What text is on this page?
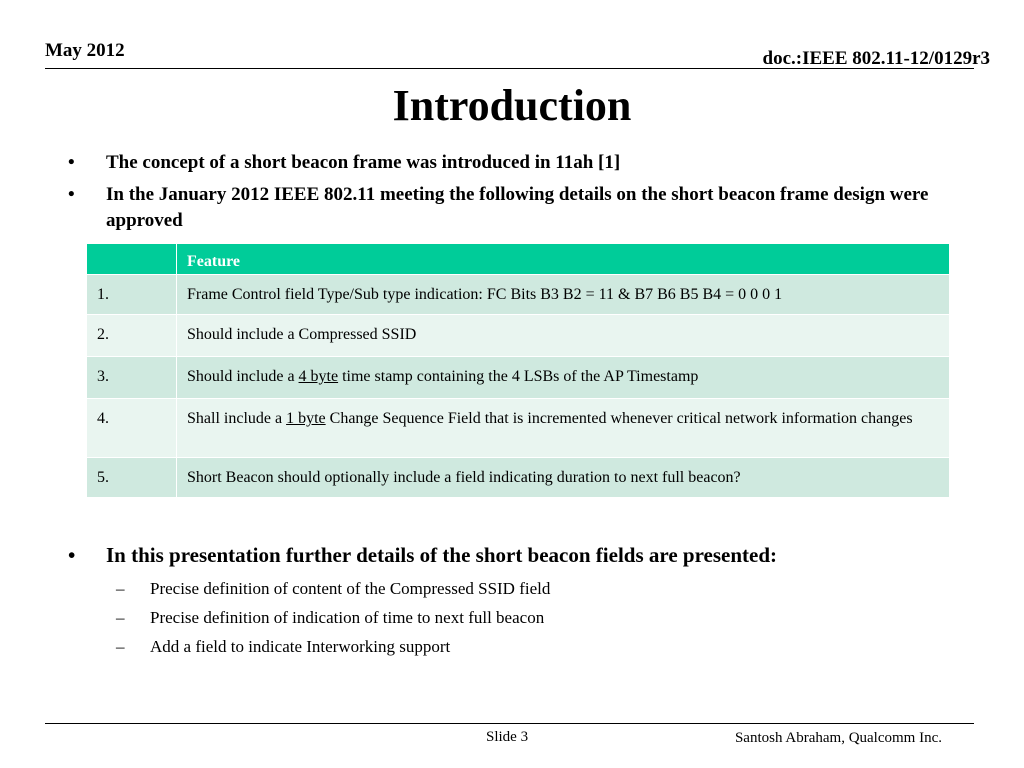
May 2012	doc.:IEEE 802.11-12/0129r3
Introduction
• The concept of a short beacon frame was introduced in 11ah [1]
• In the January 2012 IEEE 802.11 meeting the following details on the short beacon frame design were approved
	Feature
1.	Frame Control field Type/Sub type indication: FC Bits B3 B2 = 11 & B7 B6 B5 B4 = 0 0 0 1
2.	Should include a Compressed SSID
3.	Should include a 4 byte time stamp containing the 4 LSBs of the AP Timestamp
4.	Shall include a 1 byte Change Sequence Field that is incremented whenever critical network information changes
5.	Short Beacon should optionally include a field indicating duration to next full beacon?
• In this presentation further details of the short beacon fields are presented:
– Precise definition of content of the Compressed SSID field
– Precise definition of indication of time to next full beacon
– Add a field to indicate Interworking support
Slide 3	Santosh Abraham, Qualcomm Inc.
